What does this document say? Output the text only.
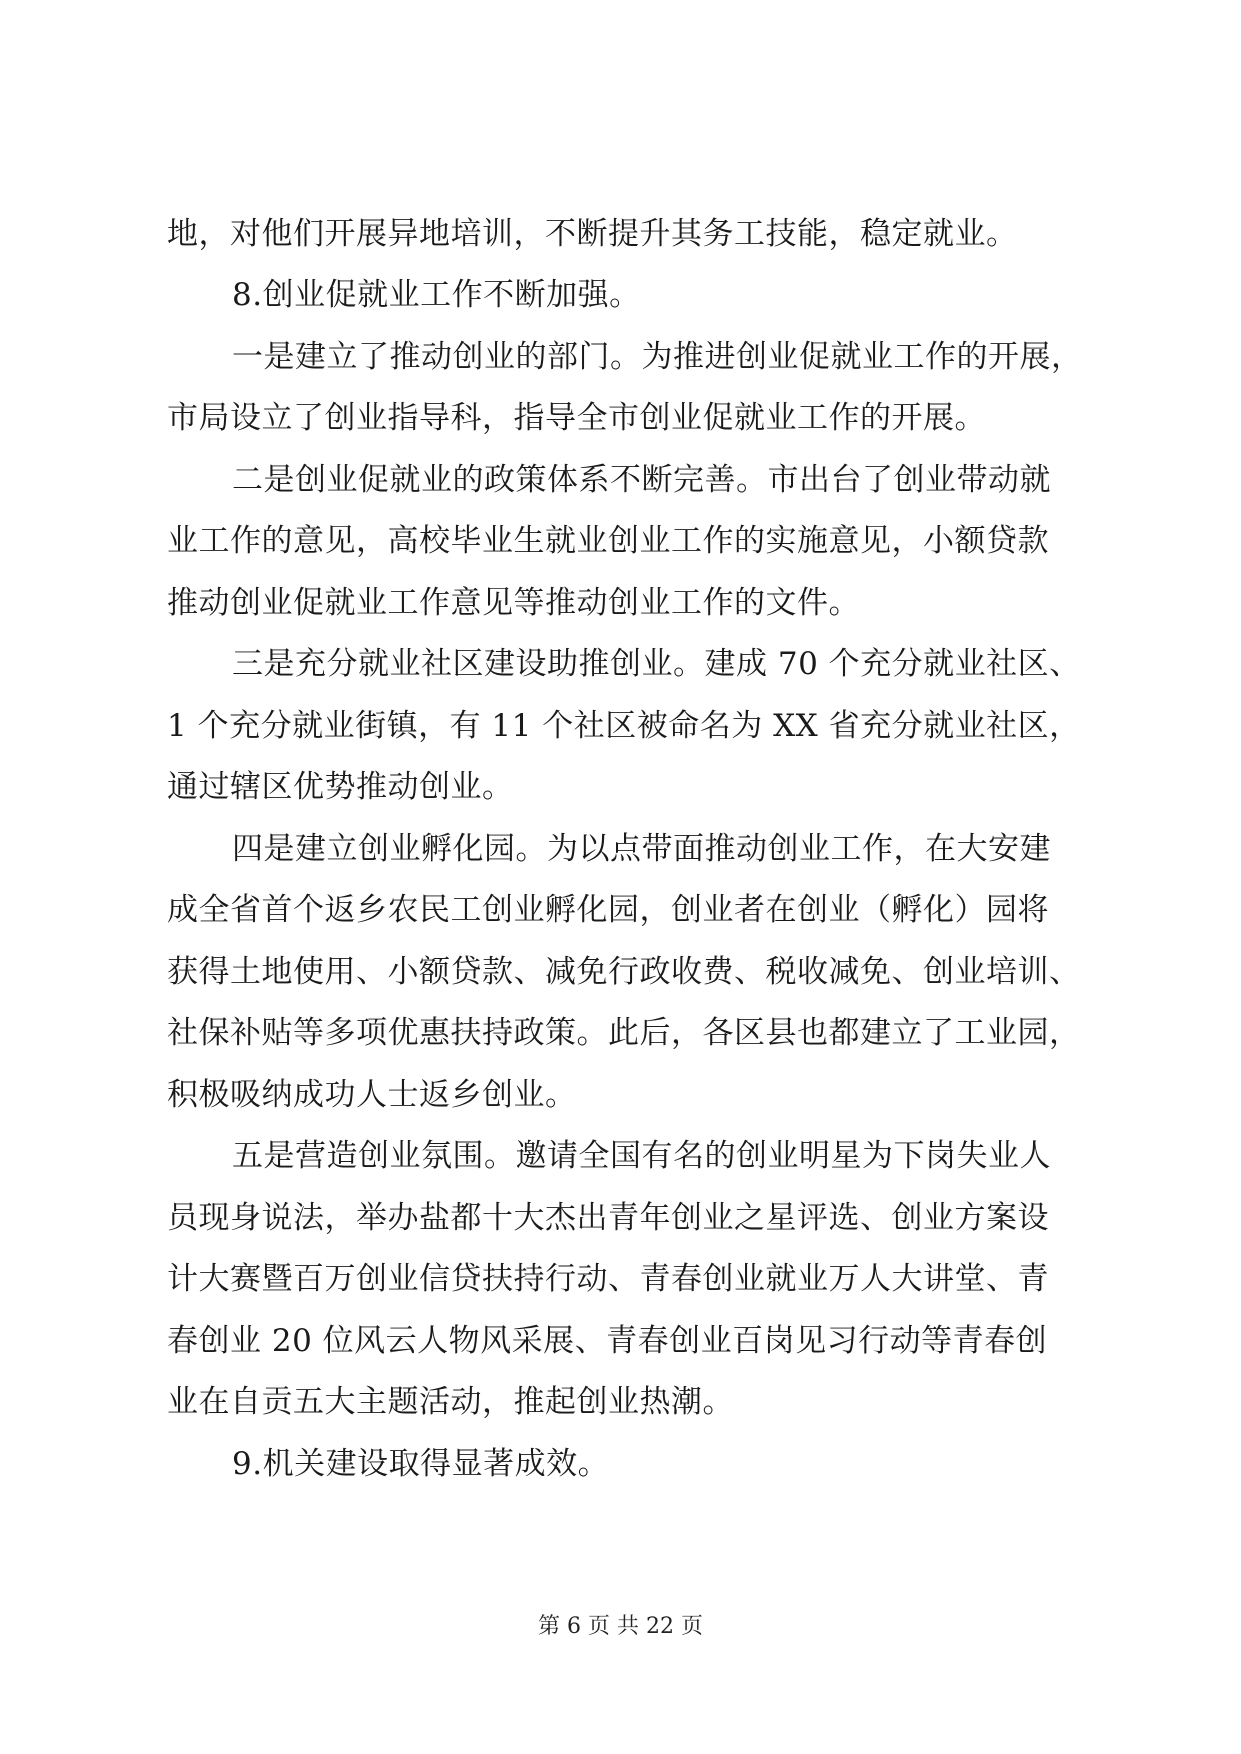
地，对他们开展异地培训，不断提升其务工技能，稳定就业。
8.创业促就业工作不断加强。
一是建立了推动创业的部门。为推进创业促就业工作的开展，
市局设立了创业指导科，指导全市创业促就业工作的开展。
二是创业促就业的政策体系不断完善。市出台了创业带动就
业工作的意见，高校毕业生就业创业工作的实施意见，小额贷款
推动创业促就业工作意见等推动创业工作的文件。
三是充分就业社区建设助推创业。建成 70 个充分就业社区、
1 个充分就业街镇，有 11 个社区被命名为 XX 省充分就业社区，
通过辖区优势推动创业。
四是建立创业孵化园。为以点带面推动创业工作，在大安建
成全省首个返乡农民工创业孵化园，创业者在创业（孵化）园将
获得土地使用、小额贷款、减免行政收费、税收减免、创业培训、
社保补贴等多项优惠扶持政策。此后，各区县也都建立了工业园，
积极吸纳成功人士返乡创业。
五是营造创业氛围。邀请全国有名的创业明星为下岗失业人
员现身说法，举办盐都十大杰出青年创业之星评选、创业方案设
计大赛暨百万创业信贷扶持行动、青春创业就业万人大讲堂、青
春创业 20 位风云人物风采展、青春创业百岗见习行动等青春创
业在自贡五大主题活动，推起创业热潮。
9.机关建设取得显著成效。
第 6 页 共 22 页
